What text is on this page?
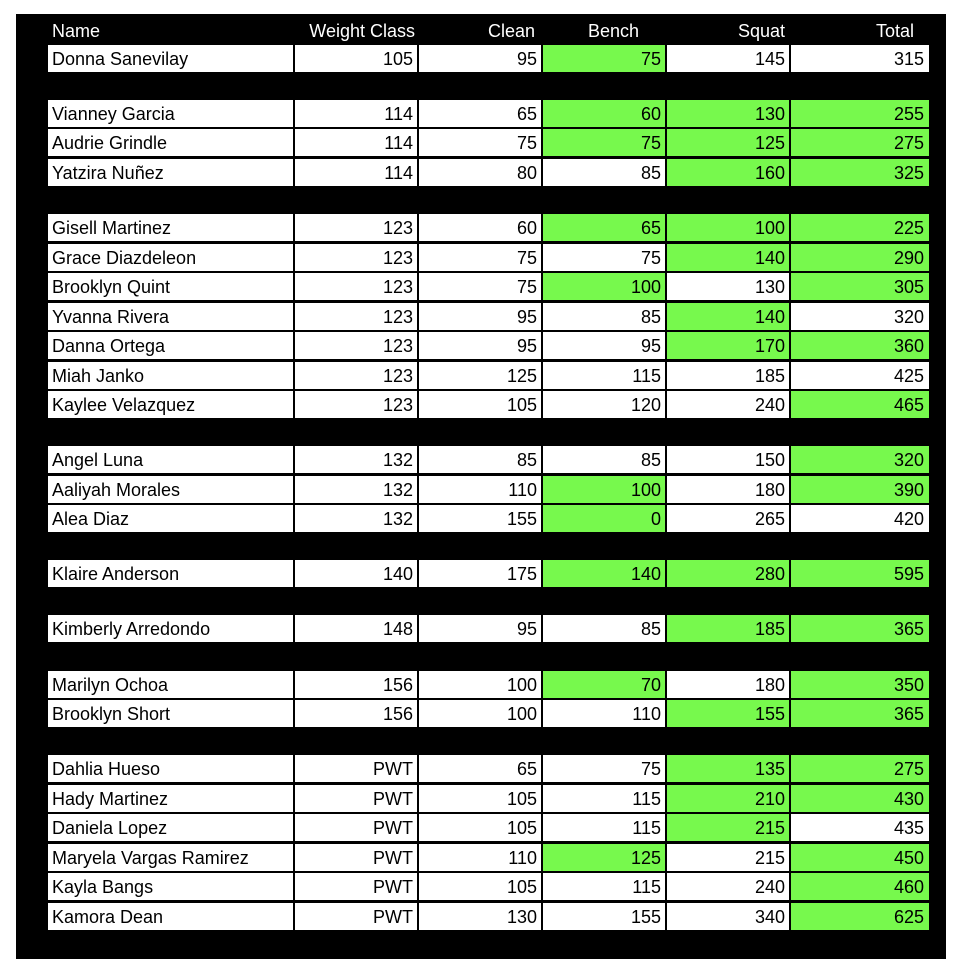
Name	Weight Class	Clean	Bench	Squat	Total
Donna Sanevilay	105	95	75	145	315
Vianney Garcia	114	65	60	130	255
Audrie Grindle	114	75	75	125	275
Yatzira Nuñez	114	80	85	160	325
Gisell Martinez	123	60	65	100	225
Grace Diazdeleon	123	75	75	140	290
Brooklyn Quint	123	75	100	130	305
Yvanna Rivera	123	95	85	140	320
Danna Ortega	123	95	95	170	360
Miah Janko	123	125	115	185	425
Kaylee Velazquez	123	105	120	240	465
Angel Luna	132	85	85	150	320
Aaliyah Morales	132	110	100	180	390
Alea Diaz	132	155	0	265	420
Klaire Anderson	140	175	140	280	595
Kimberly Arredondo	148	95	85	185	365
Marilyn Ochoa	156	100	70	180	350
Brooklyn Short	156	100	110	155	365
Dahlia Hueso	PWT	65	75	135	275
Hady Martinez	PWT	105	115	210	430
Daniela Lopez	PWT	105	115	215	435
Maryela Vargas Ramirez	PWT	110	125	215	450
Kayla Bangs	PWT	105	115	240	460
Kamora Dean	PWT	130	155	340	625
